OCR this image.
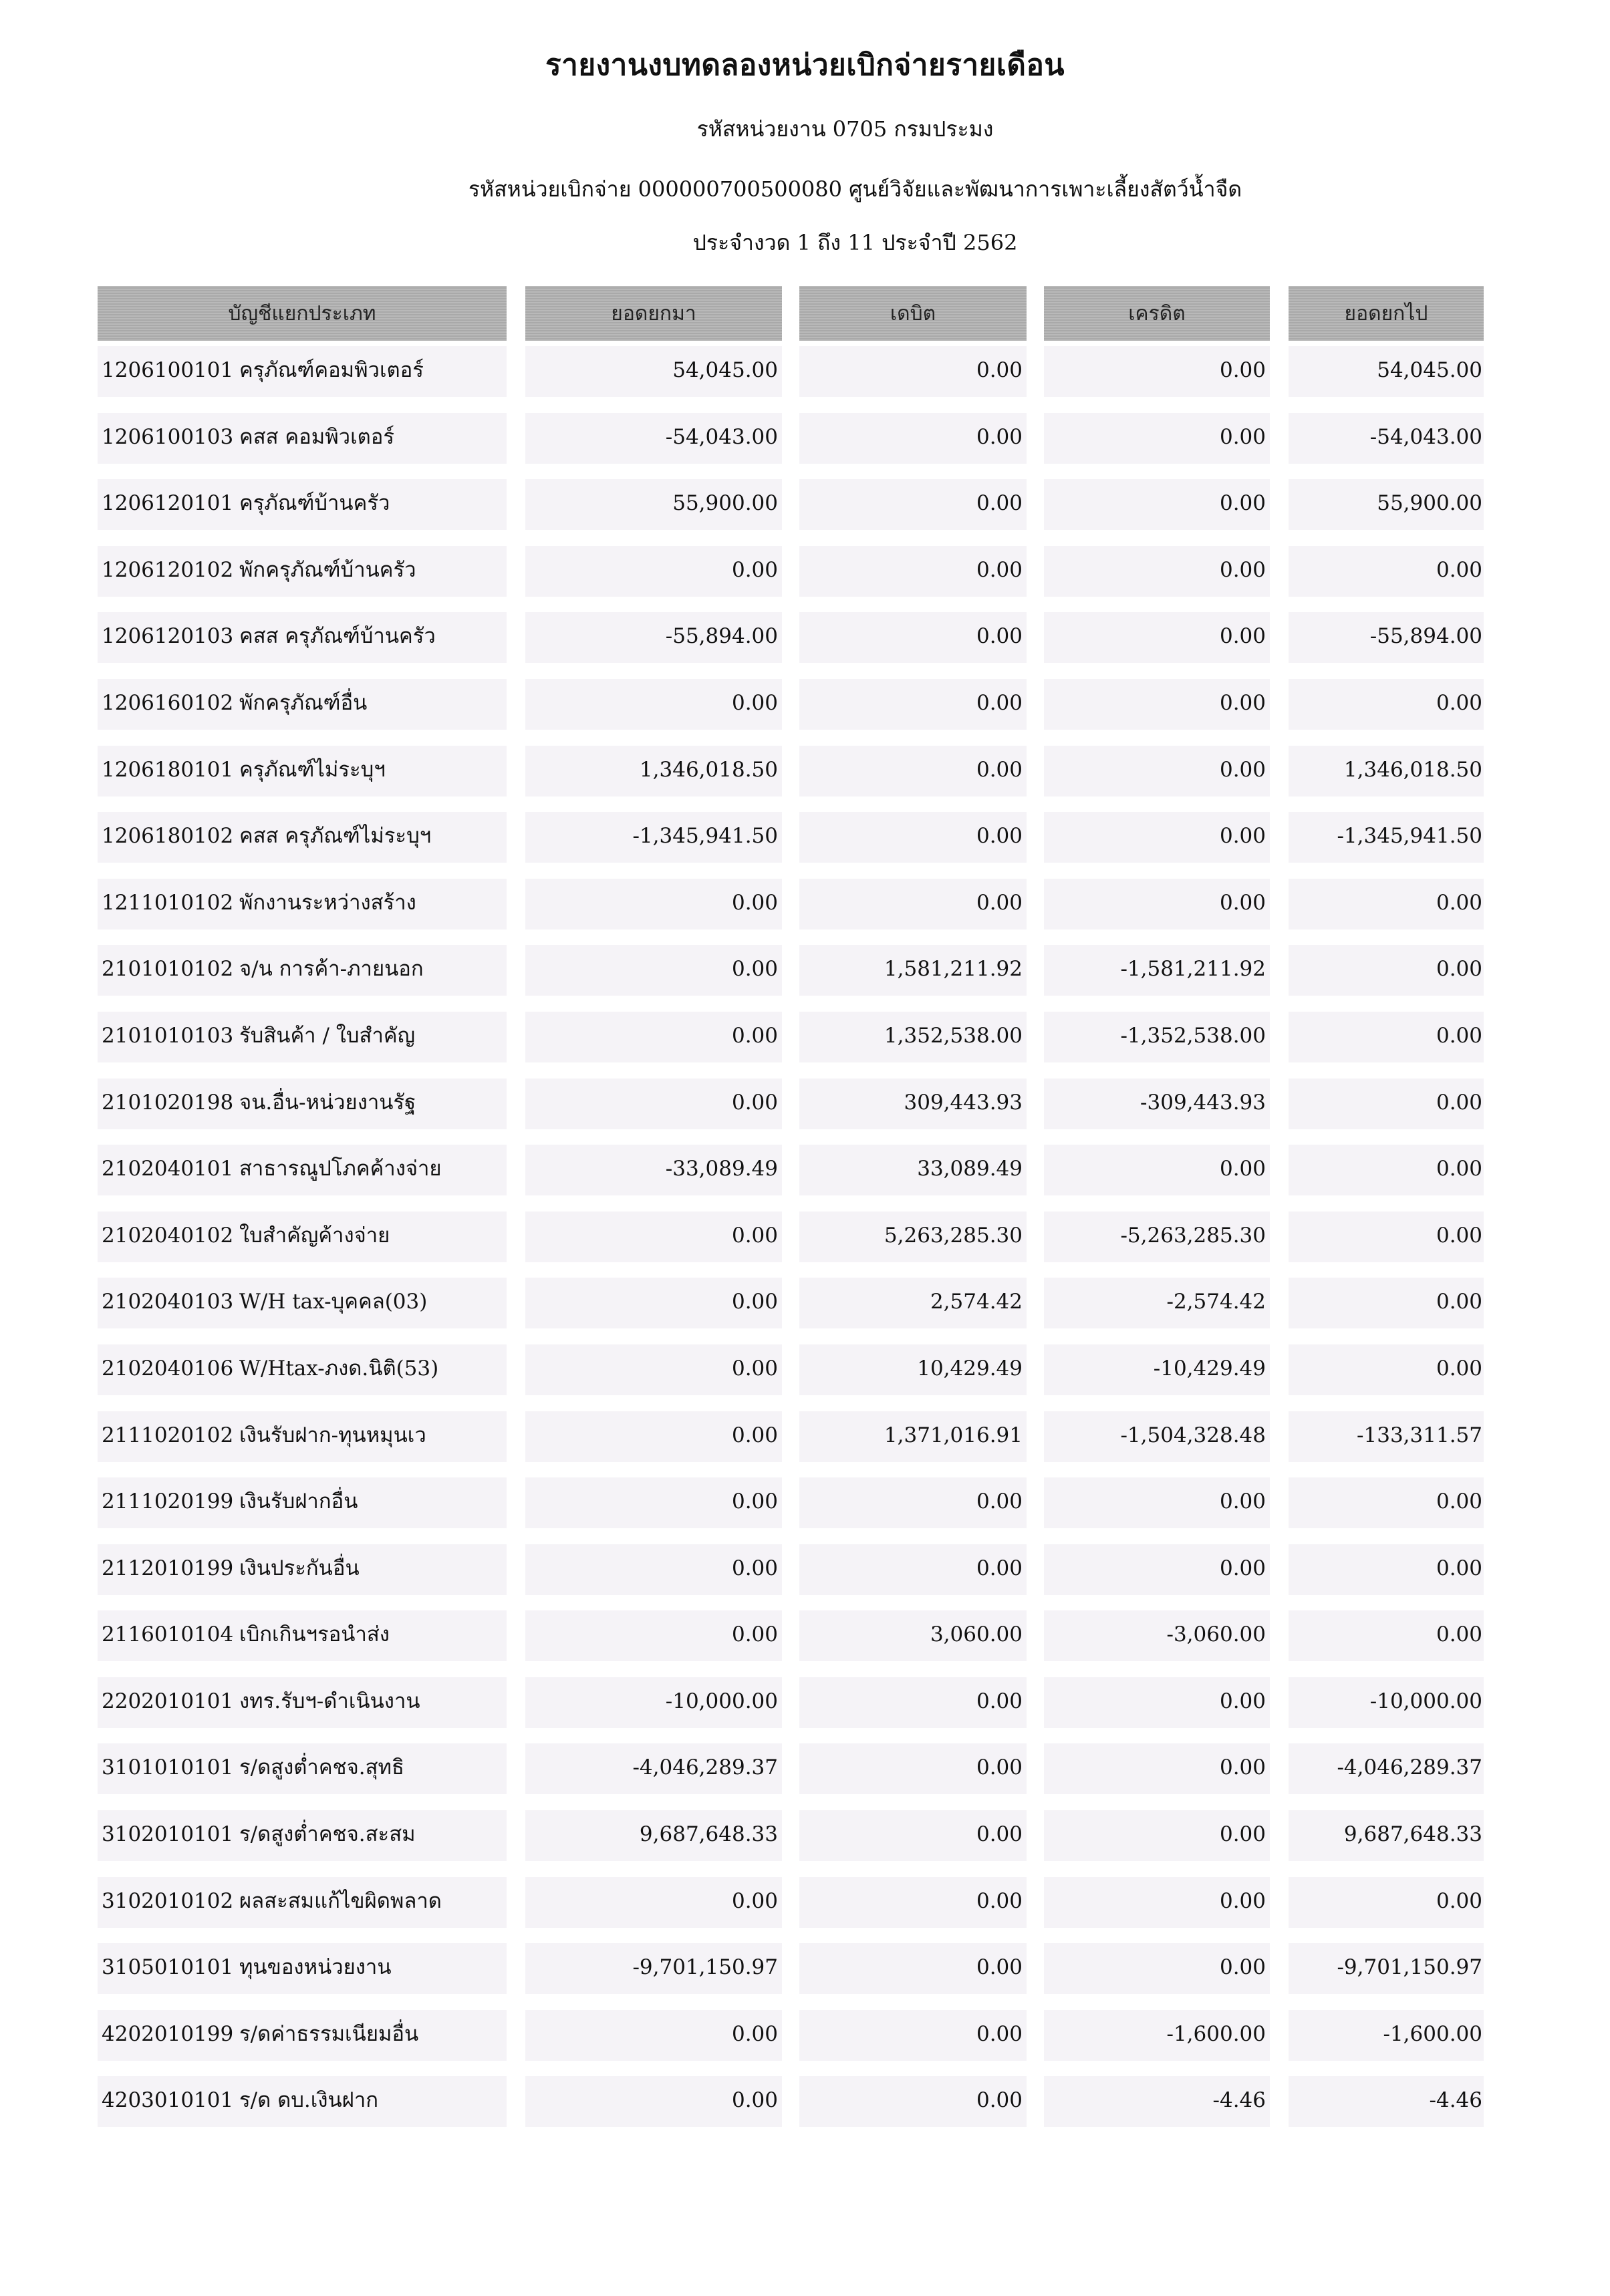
รายงานงบทดลองหน่วยเบิกจ่ายรายเดือน
รหัสหน่วยงาน 0705 กรมประมง
รหัสหน่วยเบิกจ่าย 000000700500080 ศูนย์วิจัยและพัฒนาการเพาะเลี้ยงสัตว์น้ำจืด
ประจำงวด 1 ถึง 11 ประจำปี 2562
บัญชีแยกประเภท	ยอดยกมา	เดบิต	เครดิต	ยอดยกไป
1206100101 ครุภัณฑ์คอมพิวเตอร์	54,045.00	0.00	0.00	54,045.00
1206100103 คสส คอมพิวเตอร์	-54,043.00	0.00	0.00	-54,043.00
1206120101 ครุภัณฑ์บ้านครัว	55,900.00	0.00	0.00	55,900.00
1206120102 พักครุภัณฑ์บ้านครัว	0.00	0.00	0.00	0.00
1206120103 คสส ครุภัณฑ์บ้านครัว	-55,894.00	0.00	0.00	-55,894.00
1206160102 พักครุภัณฑ์อื่น	0.00	0.00	0.00	0.00
1206180101 ครุภัณฑ์ไม่ระบุฯ	1,346,018.50	0.00	0.00	1,346,018.50
1206180102 คสส ครุภัณฑ์ไม่ระบุฯ	-1,345,941.50	0.00	0.00	-1,345,941.50
1211010102 พักงานระหว่างสร้าง	0.00	0.00	0.00	0.00
2101010102 จ/น การค้า-ภายนอก	0.00	1,581,211.92	-1,581,211.92	0.00
2101010103 รับสินค้า / ใบสำคัญ	0.00	1,352,538.00	-1,352,538.00	0.00
2101020198 จน.อื่น-หน่วยงานรัฐ	0.00	309,443.93	-309,443.93	0.00
2102040101 สาธารณูปโภคค้างจ่าย	-33,089.49	33,089.49	0.00	0.00
2102040102 ใบสำคัญค้างจ่าย	0.00	5,263,285.30	-5,263,285.30	0.00
2102040103 W/H tax-บุคคล(03)	0.00	2,574.42	-2,574.42	0.00
2102040106 W/Htax-ภงด.นิติ(53)	0.00	10,429.49	-10,429.49	0.00
2111020102 เงินรับฝาก-ทุนหมุนเว	0.00	1,371,016.91	-1,504,328.48	-133,311.57
2111020199 เงินรับฝากอื่น	0.00	0.00	0.00	0.00
2112010199 เงินประกันอื่น	0.00	0.00	0.00	0.00
2116010104 เบิกเกินฯรอนำส่ง	0.00	3,060.00	-3,060.00	0.00
2202010101 งทร.รับฯ-ดำเนินงาน	-10,000.00	0.00	0.00	-10,000.00
3101010101 ร/ดสูงต่ำคชจ.สุทธิ	-4,046,289.37	0.00	0.00	-4,046,289.37
3102010101 ร/ดสูงต่ำคชจ.สะสม	9,687,648.33	0.00	0.00	9,687,648.33
3102010102 ผลสะสมแก้ไขผิดพลาด	0.00	0.00	0.00	0.00
3105010101 ทุนของหน่วยงาน	-9,701,150.97	0.00	0.00	-9,701,150.97
4202010199 ร/ดค่าธรรมเนียมอื่น	0.00	0.00	-1,600.00	-1,600.00
4203010101 ร/ด ดบ.เงินฝาก	0.00	0.00	-4.46	-4.46
